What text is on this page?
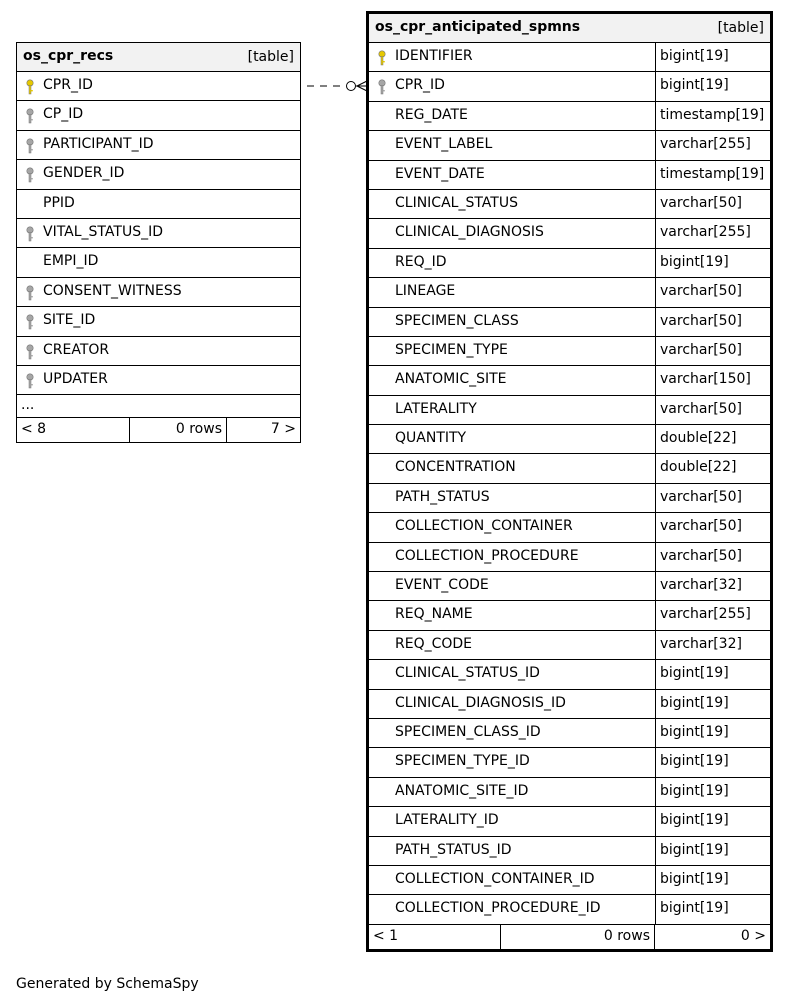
os_cpr_recs	[table]
CPR_ID
CP_ID
PARTICIPANT_ID
GENDER_ID
PPID
VITAL_STATUS_ID
EMPI_ID
CONSENT_WITNESS
SITE_ID
CREATOR
UPDATER
...
< 8	0 rows	7 >
os_cpr_anticipated_spmns	[table]
IDENTIFIER	bigint[19]
CPR_ID	bigint[19]
REG_DATE	timestamp[19]
EVENT_LABEL	varchar[255]
EVENT_DATE	timestamp[19]
CLINICAL_STATUS	varchar[50]
CLINICAL_DIAGNOSIS	varchar[255]
REQ_ID	bigint[19]
LINEAGE	varchar[50]
SPECIMEN_CLASS	varchar[50]
SPECIMEN_TYPE	varchar[50]
ANATOMIC_SITE	varchar[150]
LATERALITY	varchar[50]
QUANTITY	double[22]
CONCENTRATION	double[22]
PATH_STATUS	varchar[50]
COLLECTION_CONTAINER	varchar[50]
COLLECTION_PROCEDURE	varchar[50]
EVENT_CODE	varchar[32]
REQ_NAME	varchar[255]
REQ_CODE	varchar[32]
CLINICAL_STATUS_ID	bigint[19]
CLINICAL_DIAGNOSIS_ID	bigint[19]
SPECIMEN_CLASS_ID	bigint[19]
SPECIMEN_TYPE_ID	bigint[19]
ANATOMIC_SITE_ID	bigint[19]
LATERALITY_ID	bigint[19]
PATH_STATUS_ID	bigint[19]
COLLECTION_CONTAINER_ID	bigint[19]
COLLECTION_PROCEDURE_ID	bigint[19]
< 1	0 rows	0 >
Generated by SchemaSpy
